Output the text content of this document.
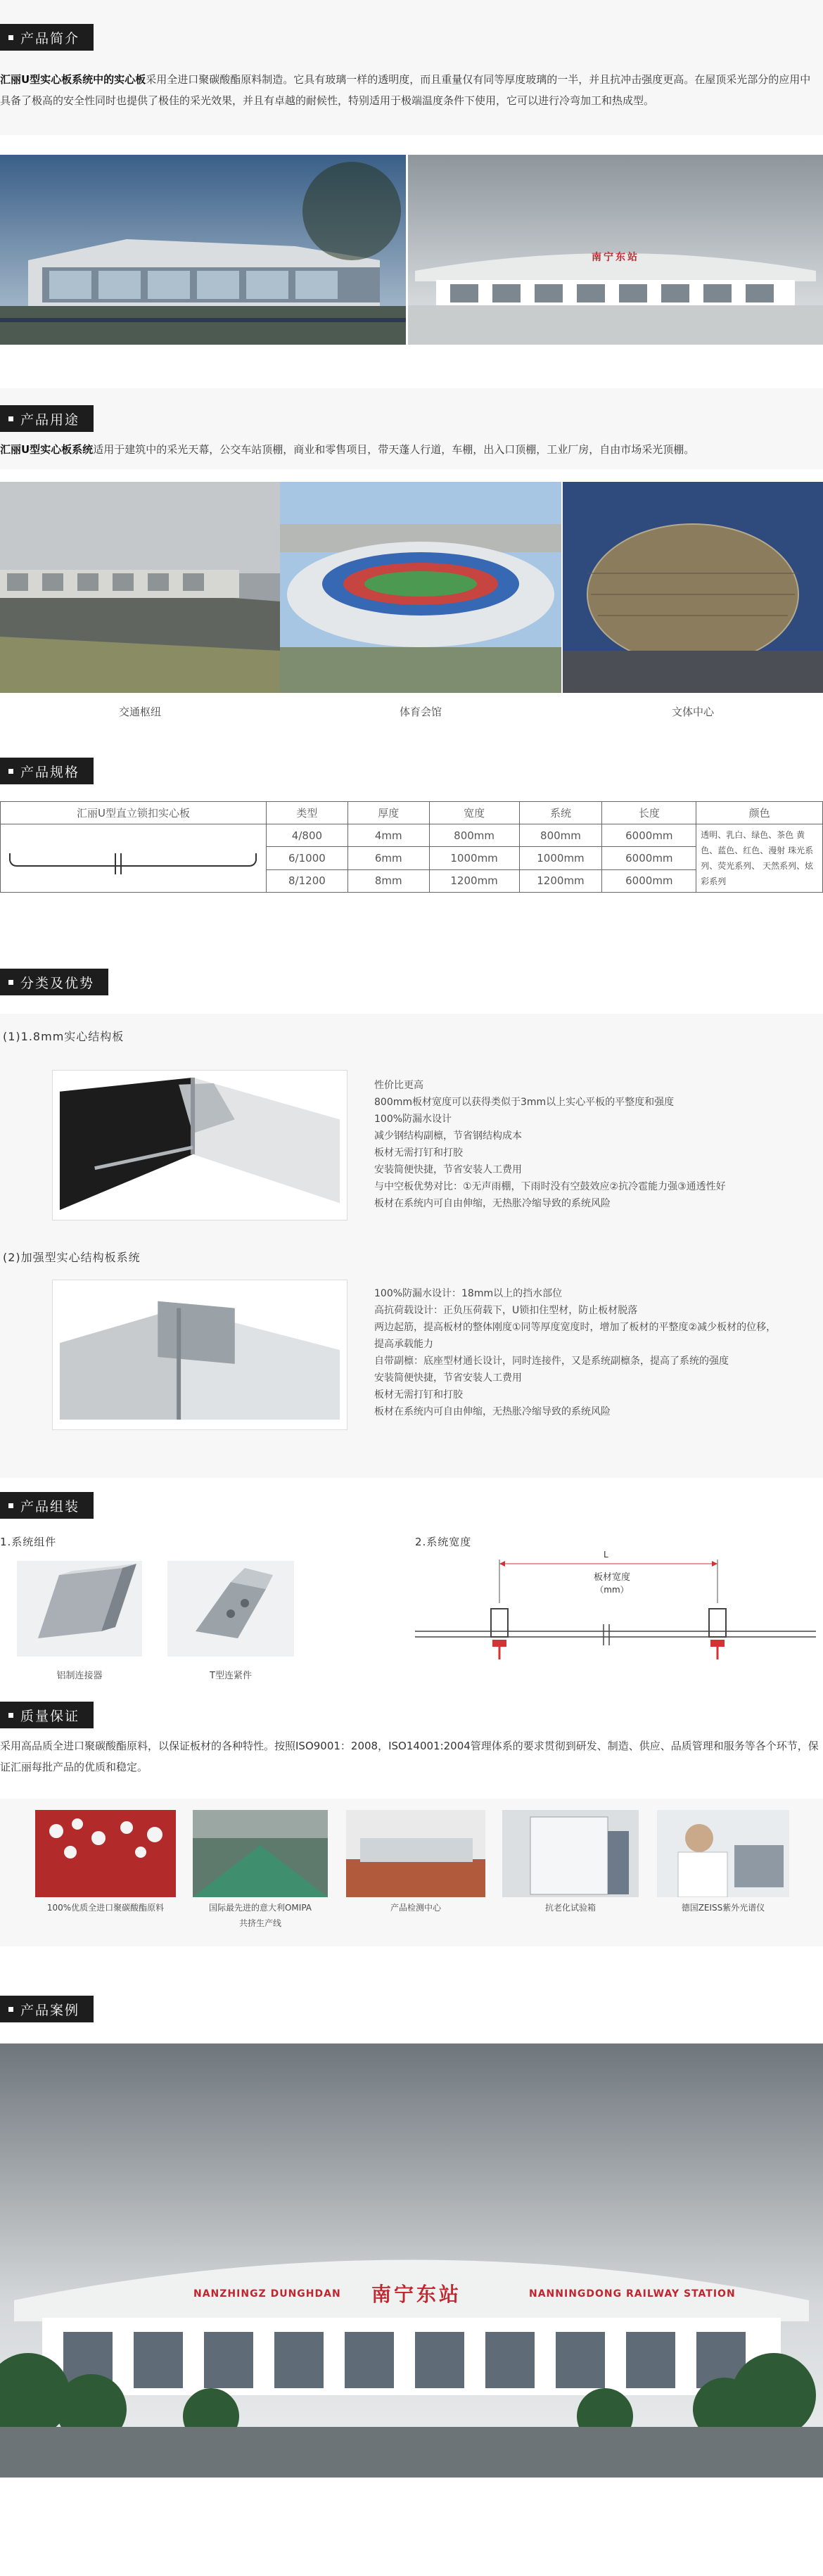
产品简介

汇丽U型实心板系统中的实心板采用全进口聚碳酸酯原料制造。它具有玻璃一样的透明度，而且重量仅有同等厚度玻璃的一半，并且抗冲击强度更高。在屋顶采光部分的应用中具备了极高的安全性同时也提供了极佳的采光效果，并且有卓越的耐候性，特别适用于极端温度条件下使用，它可以进行冷弯加工和热成型。

南宁东站
产品用途

汇丽U型实心板系统适用于建筑中的采光天幕，公交车站顶棚，商业和零售项目，带天蓬人行道，车棚，出入口顶棚，工业厂房，自由市场采光顶棚。

交通枢纽	体育会馆	文体中心
产品规格
汇丽U型直立锁扣实心板	类型	厚度	宽度	系统	长度	颜色
	4/800	4mm	800mm	800mm	6000mm	透明、乳白、绿色、茶色 黄色、蓝色、红色、漫射 珠光系列、荧光系列、 天然系列、炫彩系列
	6/1000	6mm	1000mm	1000mm	6000mm	
	8/1200	8mm	1200mm	1200mm	6000mm	
分类及优势
(1)1.8mm实心结构板
性价比更高
800mm板材宽度可以获得类似于3mm以上实心平板的平整度和强度
100%防漏水设计
减少钢结构副檩，节省钢结构成本
板材无需打钉和打胶
安装简便快捷，节省安装人工费用
与中空板优势对比：①无声雨棚，下雨时没有空鼓效应②抗冷雹能力强③通透性好
板材在系统内可自由伸缩，无热胀冷缩导致的系统风险
(2)加强型实心结构板系统
100%防漏水设计：18mm以上的挡水部位
高抗荷载设计：正负压荷载下，U锁扣住型材，防止板材脱落
两边起筋，提高板材的整体刚度①同等厚度宽度时，增加了板材的平整度②减少板材的位移，
提高承载能力
自带副檩：底座型材通长设计，同时连接件，又是系统副檩条，提高了系统的强度
安装简便快捷，节省安装人工费用
板材无需打钉和打胶
板材在系统内可自由伸缩，无热胀冷缩导致的系统风险
产品组装
1.系统组件	2.系统宽度
铝制连接器	T型连紧件
L
板材宽度
（mm）
质量保证

采用高品质全进口聚碳酸酯原料，以保证板材的各种特性。按照ISO9001：2008，ISO14001:2004管理体系的要求贯彻到研发、制造、供应、品质管理和服务等各个环节，保证汇丽每批产品的优质和稳定。

100%优质全进口聚碳酸酯原料	国际最先进的意大利OMIPA
共挤生产线
产品检测中心	抗老化试验箱	德国ZEISS紫外光谱仪
产品案例
NANZHINGZ DUNGHDAN 南宁东站	NANNINGDONG RAILWAY STATION
